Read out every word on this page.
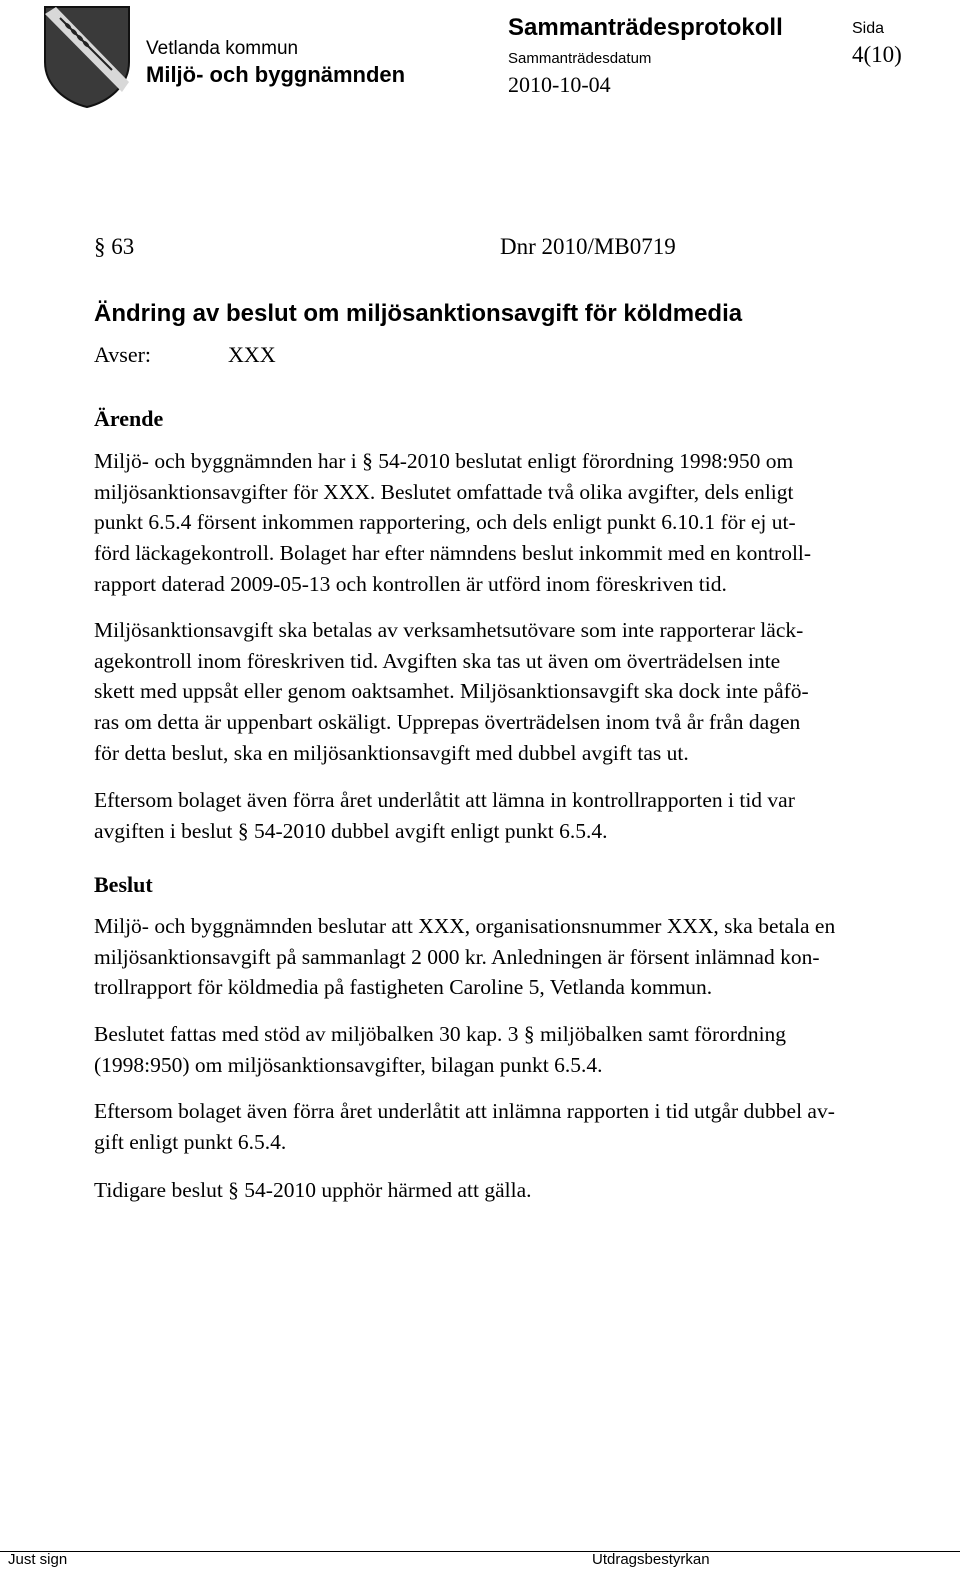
Vetlanda kommun
Miljö- och byggnämnden
Sammanträdesprotokoll
Sammanträdesdatum
2010-10-04
Sida
4(10)
§ 63	Dnr 2010/MB0719
Ändring av beslut om miljösanktionsavgift för köldmedia
Avser:	XXX
Ärende
Miljö- och byggnämnden har i § 54-2010 beslutat enligt förordning 1998:950 om
miljösanktionsavgifter för XXX. Beslutet omfattade två olika avgifter, dels enligt
punkt 6.5.4 försent inkommen rapportering, och dels enligt punkt 6.10.1 för ej ut-
förd läckagekontroll. Bolaget har efter nämndens beslut inkommit med en kontroll-
rapport daterad 2009-05-13 och kontrollen är utförd inom föreskriven tid.
Miljösanktionsavgift ska betalas av verksamhetsutövare som inte rapporterar läck-
agekontroll inom föreskriven tid. Avgiften ska tas ut även om överträdelsen inte
skett med uppsåt eller genom oaktsamhet. Miljösanktionsavgift ska dock inte påfö-
ras om detta är uppenbart oskäligt. Upprepas överträdelsen inom två år från dagen
för detta beslut, ska en miljösanktionsavgift med dubbel avgift tas ut.
Eftersom bolaget även förra året underlåtit att lämna in kontrollrapporten i tid var
avgiften i beslut § 54-2010 dubbel avgift enligt punkt 6.5.4.
Beslut
Miljö- och byggnämnden beslutar att XXX, organisationsnummer XXX, ska betala en
miljösanktionsavgift på sammanlagt 2 000 kr. Anledningen är försent inlämnad kon-
trollrapport för köldmedia på fastigheten Caroline 5, Vetlanda kommun.
Beslutet fattas med stöd av miljöbalken 30 kap. 3 § miljöbalken samt förordning
(1998:950) om miljösanktionsavgifter, bilagan punkt 6.5.4.
Eftersom bolaget även förra året underlåtit att inlämna rapporten i tid utgår dubbel av-
gift enligt punkt 6.5.4.
Tidigare beslut § 54-2010 upphör härmed att gälla.
Just sign	Utdragsbestyrkan
